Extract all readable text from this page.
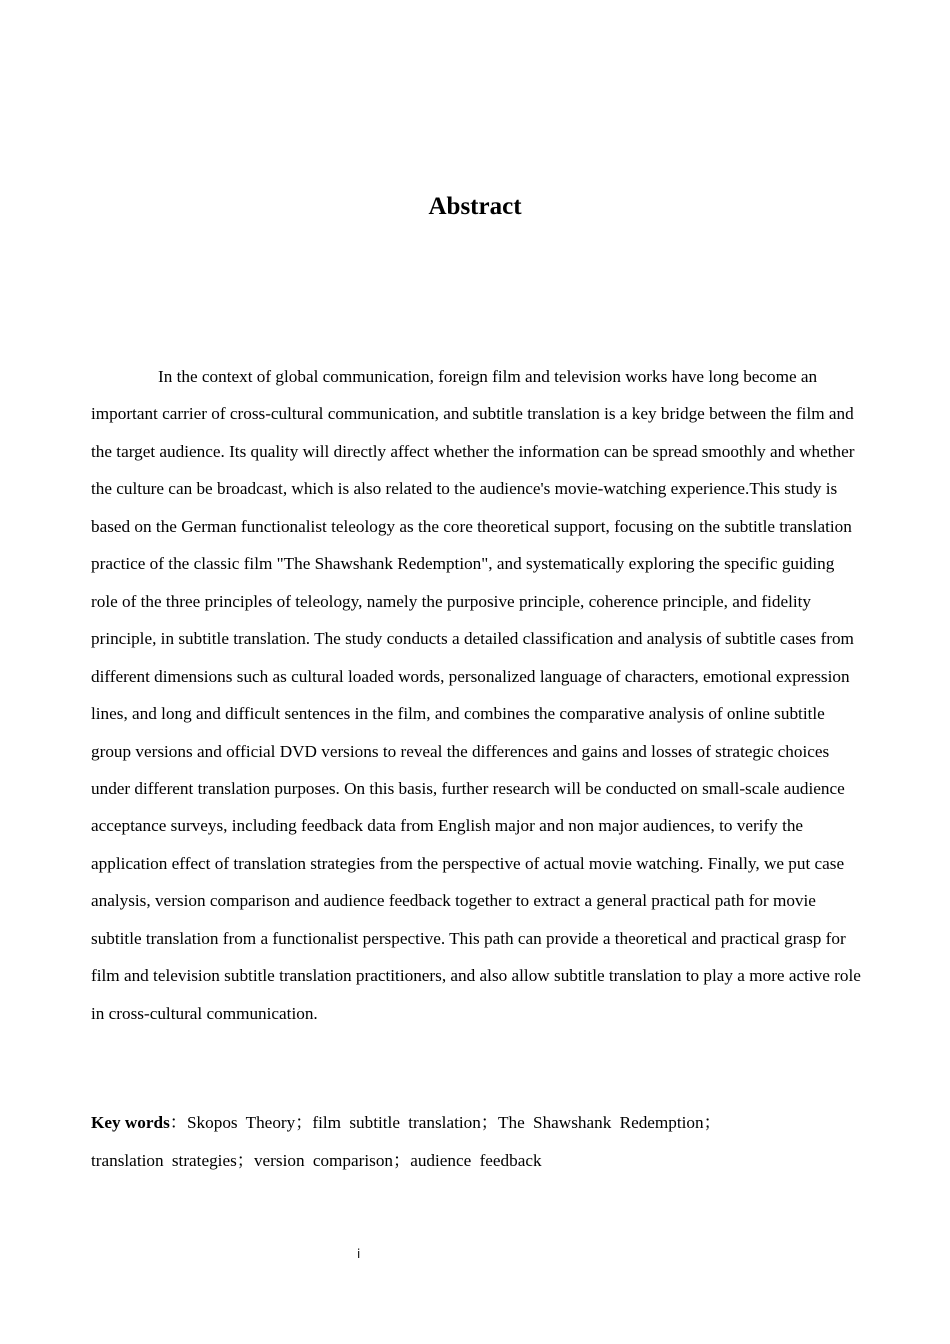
Abstract

In the context of global communication, foreign film and television works have long become an important carrier of cross-cultural communication, and subtitle translation is a key bridge between the film and the target audience. Its quality will directly affect whether the information can be spread smoothly and whether the culture can be broadcast, which is also related to the audience's movie-watching experience.This study is based on the German functionalist teleology as the core theoretical support, focusing on the subtitle translation practice of the classic film "The Shawshank Redemption", and systematically exploring the specific guiding role of the three principles of teleology, namely the purposive principle, coherence principle, and fidelity principle, in subtitle translation. The study conducts a detailed classification and analysis of subtitle cases from different dimensions such as cultural loaded words, personalized language of characters, emotional expression lines, and long and difficult sentences in the film, and combines the comparative analysis of online subtitle group versions and official DVD versions to reveal the differences and gains and losses of strategic choices under different translation purposes. On this basis, further research will be conducted on small-scale audience acceptance surveys, including feedback data from English major and non major audiences, to verify the application effect of translation strategies from the perspective of actual movie watching. Finally, we put case analysis, version comparison and audience feedback together to extract a general practical path for movie subtitle translation from a functionalist perspective. This path can provide a theoretical and practical grasp for film and television subtitle translation practitioners, and also allow subtitle translation to play a more active role in cross-cultural communication.

Key words：Skopos Theory；film subtitle translation；The Shawshank Redemption；translation strategies；version comparison；audience feedback

i
